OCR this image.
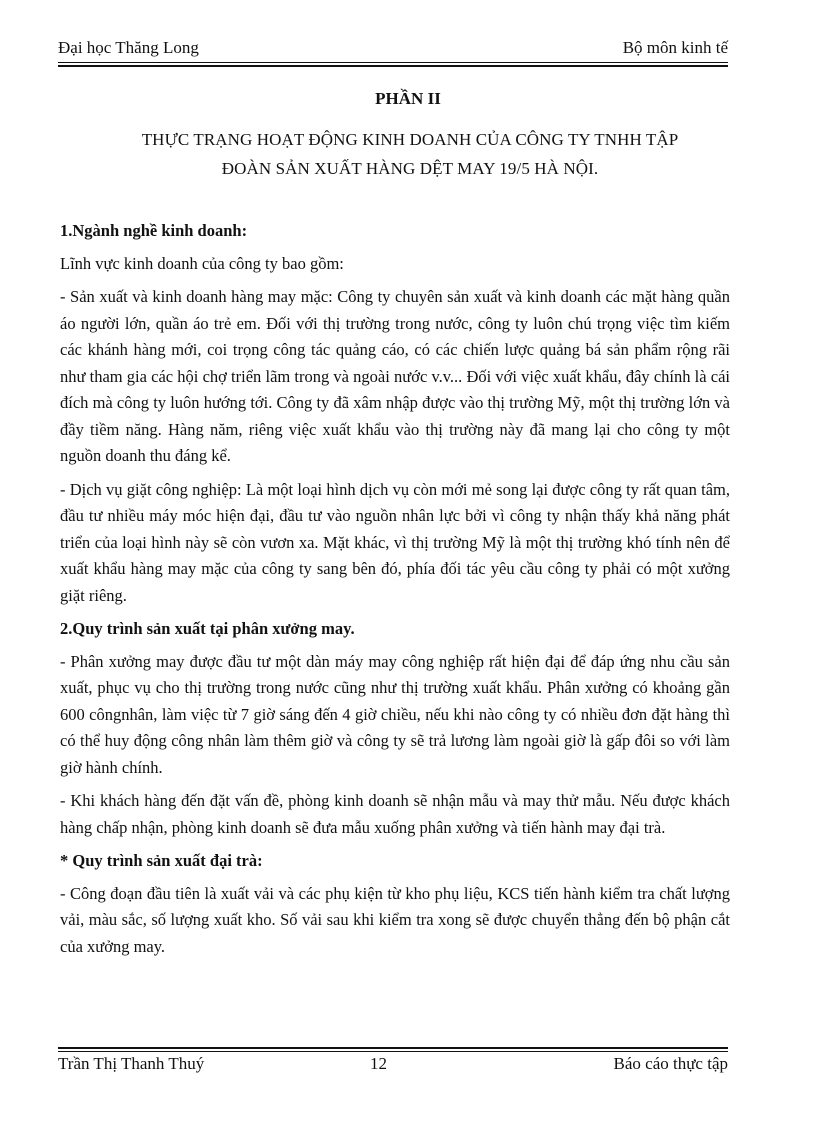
Đại học Thăng Long	Bộ môn kinh tế
PHẦN II
THỰC TRẠNG HOẠT ĐỘNG KINH DOANH CỦA CÔNG TY TNHH TẬP
ĐOÀN SẢN XUẤT HÀNG DỆT MAY 19/5 HÀ NỘI.
1.Ngành nghề kinh doanh:

Lĩnh vực kinh doanh của công ty bao gồm:

- Sản xuất và kinh doanh hàng may mặc: Công ty chuyên sản xuất và kinh doanh các mặt hàng quần áo người lớn, quần áo trẻ em. Đối với thị trường trong nước, công ty luôn chú trọng việc tìm kiếm các khánh hàng mới, coi trọng công tác quảng cáo, có các chiến lược quảng bá sản phẩm rộng rãi như tham gia các hội chợ triển lãm trong và ngoài nước v.v... Đối với việc xuất khẩu, đây chính là cái đích mà công ty luôn hướng tới. Công ty đã xâm nhập được vào thị trường Mỹ, một thị trường lớn và đầy tiềm năng. Hàng năm, riêng việc xuất khẩu vào thị trường này đã mang lại cho công ty một nguồn doanh thu đáng kể.

- Dịch vụ giặt công nghiệp: Là một loại hình dịch vụ còn mới mẻ song lại được công ty rất quan tâm, đầu tư nhiều máy móc hiện đại, đầu tư vào nguồn nhân lực bởi vì công ty nhận thấy khả năng phát triển của loại hình này sẽ còn vươn xa. Mặt khác, vì thị trường Mỹ là một thị trường khó tính nên để xuất khẩu hàng may mặc của công ty sang bên đó, phía đối tác yêu cầu công ty phải có một xưởng giặt riêng.

2.Quy trình sản xuất tại phân xưởng may.

- Phân xưởng may được đầu tư một dàn máy may công nghiệp rất hiện đại để đáp ứng nhu cầu sản xuất, phục vụ cho thị trường trong nước cũng như thị trường xuất khẩu. Phân xưởng có khoảng gần 600 côngnhân, làm việc từ 7 giờ sáng đến 4 giờ chiều, nếu khi nào công ty có nhiều đơn đặt hàng thì có thể huy động công nhân làm thêm giờ và công ty sẽ trả lương làm ngoài giờ là gấp đôi so với làm giờ hành chính.

- Khi khách hàng đến đặt vấn đề, phòng kinh doanh sẽ nhận mẫu và may thử mẫu. Nếu được khách hàng chấp nhận, phòng kinh doanh sẽ đưa mẫu xuống phân xưởng và tiến hành may đại trà.

* Quy trình sản xuất đại trà:

- Công đoạn đầu tiên là xuất vải và các phụ kiện từ kho phụ liệu, KCS tiến hành kiểm tra chất lượng vải, màu sắc, số lượng xuất kho. Số vải sau khi kiểm tra xong sẽ được chuyển thẳng đến bộ phận cắt của xưởng may.

Trần Thị Thanh Thuý	12	Báo cáo thực tập
